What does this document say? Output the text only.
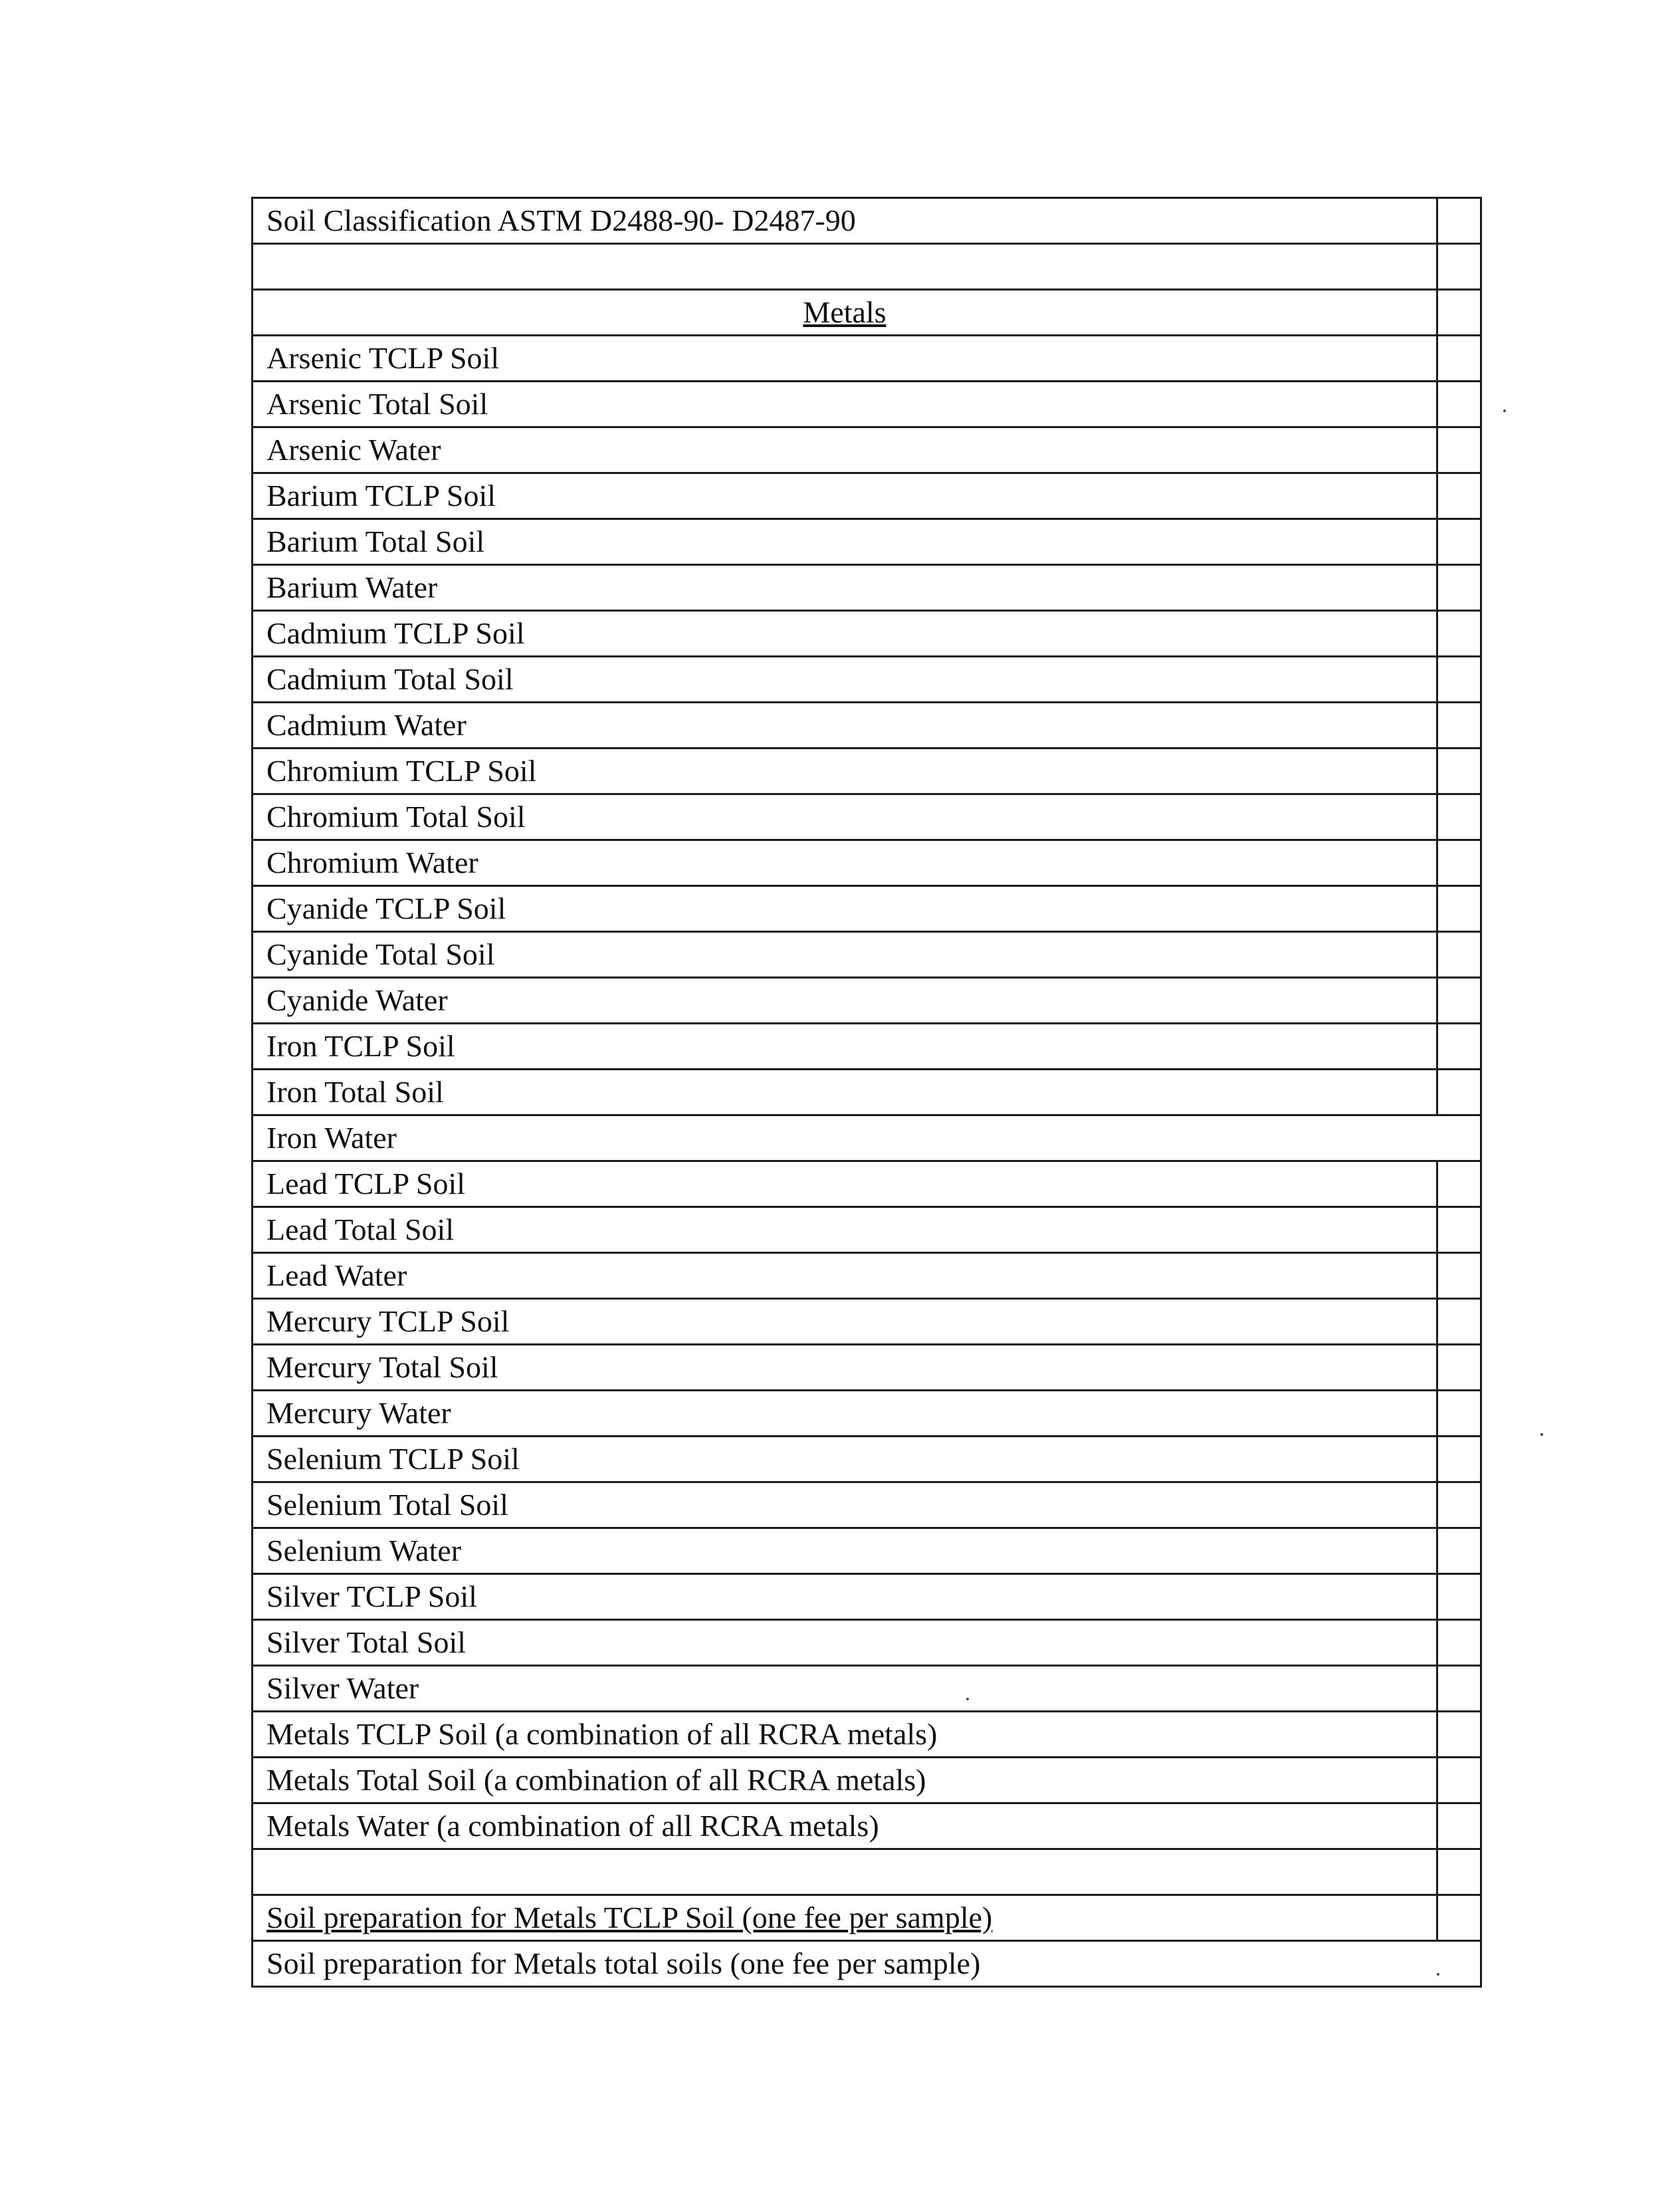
Soil Classification ASTM D2488-90- D2487-90
Metals
Arsenic TCLP Soil
Arsenic Total Soil
Arsenic Water
Barium TCLP Soil
Barium Total Soil
Barium Water
Cadmium TCLP Soil
Cadmium Total Soil
Cadmium Water
Chromium TCLP Soil
Chromium Total Soil
Chromium Water
Cyanide TCLP Soil
Cyanide Total Soil
Cyanide Water
Iron TCLP Soil
Iron Total Soil
Iron Water
Lead TCLP Soil
Lead Total Soil
Lead Water
Mercury TCLP Soil
Mercury Total Soil
Mercury Water
Selenium TCLP Soil
Selenium Total Soil
Selenium Water
Silver TCLP Soil
Silver Total Soil
Silver Water
Metals TCLP Soil (a combination of all RCRA metals)
Metals Total Soil (a combination of all RCRA metals)
Metals Water (a combination of all RCRA metals)
Soil preparation for Metals TCLP Soil (one fee per sample)
Soil preparation for Metals total soils (one fee per sample)
